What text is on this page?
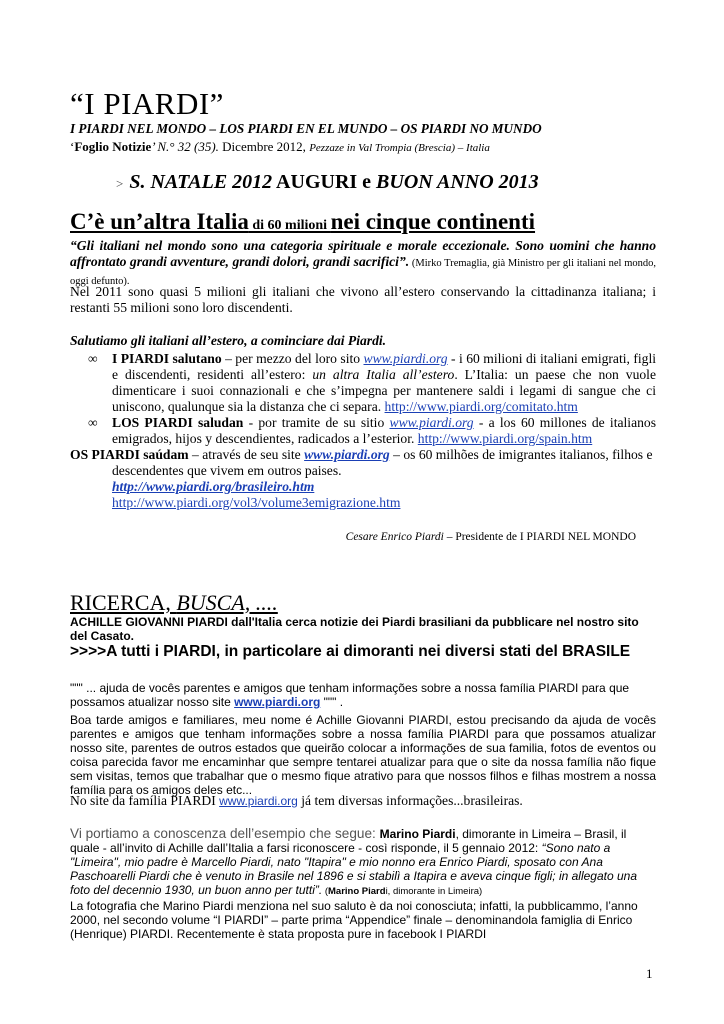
“I PIARDI”
I PIARDI NEL MONDO – LOS PIARDI EN EL MUNDO – OS PIARDI NO MUNDO
‘Foglio Notizie’ N.° 32 (35). Dicembre 2012, Pezzaze in Val Trompia (Brescia) – Italia
> S. NATALE 2012 AUGURI e BUON ANNO 2013
C’è un’altra Italia di 60 milioni nei cinque continenti
“Gli italiani nel mondo sono una categoria spirituale e morale eccezionale. Sono uomini che hanno affrontato grandi avventure, grandi dolori, grandi sacrifici”. (Mirko Tremaglia, già Ministro per gli italiani nel mondo, oggi defunto).
Nel 2011 sono quasi 5 milioni gli italiani che vivono all’estero conservando la cittadinanza italiana; i restanti 55 milioni sono loro discendenti.
Salutiamo gli italiani all’estero, a cominciare dai Piardi.
∞ I PIARDI salutano – per mezzo del loro sito www.piardi.org - i 60 milioni di italiani emigrati, figli e discendenti, residenti all’estero: un altra Italia all’estero. L’Italia: un paese che non vuole dimenticare i suoi connazionali e che s’impegna per mantenere saldi i legami di sangue che ci uniscono, qualunque sia la distanza che ci separa. http://www.piardi.org/comitato.htm
∞ LOS PIARDI saludan - por tramite de su sitio www.piardi.org - a los 60 millones de italianos emigrados, hijos y descendientes, radicados a l’esterior. http://www.piardi.org/spain.htm
OS PIARDI saúdam – através de seu site www.piardi.org – os 60 milhões de imigrantes italianos, filhos e
descendentes que vivem em outros paises.
http://www.piardi.org/brasileiro.htm
http://www.piardi.org/vol3/volume3emigrazione.htm
Cesare Enrico Piardi – Presidente de I PIARDI NEL MONDO
RICERCA, BUSCA, ....
ACHILLE GIOVANNI PIARDI dall'Italia cerca notizie dei Piardi brasiliani da pubblicare nel nostro sito del Casato.
>>>>A tutti i PIARDI, in particolare ai dimoranti nei diversi stati del BRASILE
""" ... ajuda de vocês parentes e amigos que tenham informações sobre a nossa família PIARDI para que possamos atualizar nosso site www.piardi.org """ .
Boa tarde amigos e familiares, meu nome é Achille Giovanni PIARDI, estou precisando da ajuda de vocês parentes e amigos que tenham informações sobre a nossa família PIARDI para que possamos atualizar nosso site, parentes de outros estados que queirão colocar a informações de sua familia, fotos de eventos ou coisa parecida favor me encaminhar que sempre tentarei atualizar para que o site da nossa família não fique sem visitas, temos que trabalhar que o mesmo fique atrativo para que nossos filhos e filhas mostrem a nossa família para os amigos deles etc...
No site da família PIARDI www.piardi.org já tem diversas informações...brasileiras.
Vi portiamo a conoscenza dell’esempio che segue: Marino Piardi, dimorante in Limeira – Brasil, il quale - all’invito di Achille dall’Italia a farsi riconoscere - così risponde, il 5 gennaio 2012: “Sono nato a "Limeira", mio padre è Marcello Piardi, nato "Itapira" e mio nonno era Enrico Piardi, sposato con Ana Paschoarelli Piardi che è venuto in Brasile nel 1896 e si stabilì a Itapira e aveva cinque figli; in allegato una foto del decennio 1930, un buon anno per tutti”. (Marino Piardi, dimorante in Limeira)
La fotografia che Marino Piardi menziona nel suo saluto è da noi conosciuta; infatti, la pubblicammo, l’anno 2000, nel secondo volume “I PIARDI” – parte prima “Appendice” finale – denominandola famiglia di Enrico (Henrique) PIARDI. Recentemente è stata proposta pure in facebook I PIARDI
1
